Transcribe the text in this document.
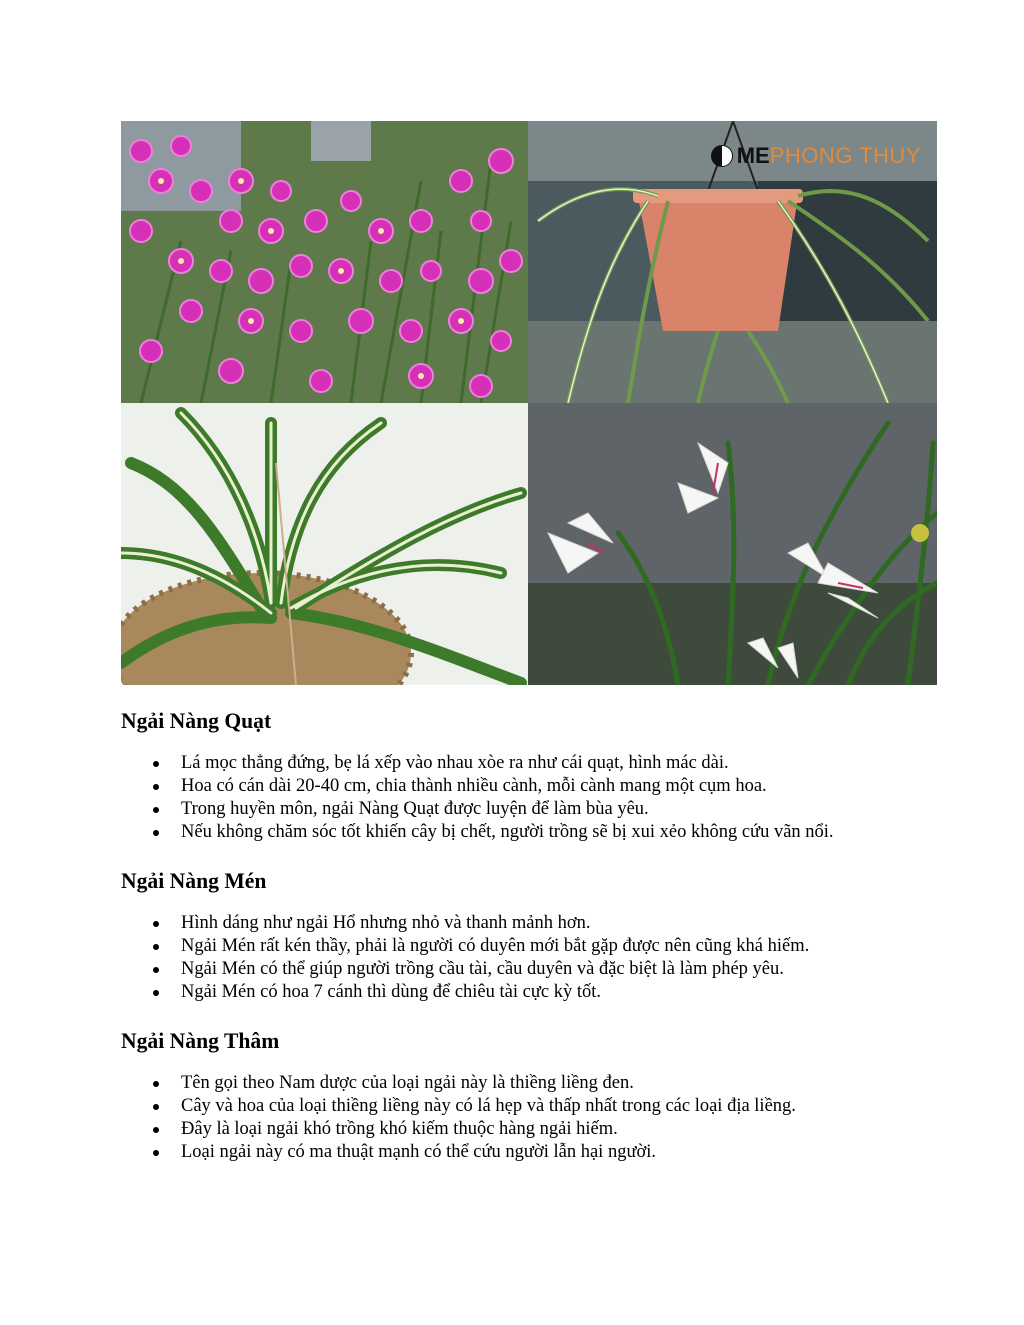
ME PHONG THUY
Ngải Nàng Quạt
Lá mọc thẳng đứng, bẹ lá xếp vào nhau xòe ra như cái quạt, hình mác dài.
Hoa có cán dài 20-40 cm, chia thành nhiều cành, mỗi cành mang một cụm hoa.
Trong huyền môn, ngải Nàng Quạt được luyện để làm bùa yêu.
Nếu không chăm sóc tốt khiến cây bị chết, người trồng sẽ bị xui xẻo không cứu vãn nổi.
Ngải Nàng Mén
Hình dáng như ngải Hổ nhưng nhỏ và thanh mảnh hơn.
Ngải Mén rất kén thầy, phải là người có duyên mới bắt gặp được nên cũng khá hiếm.
Ngải Mén có thể giúp người trồng cầu tài, cầu duyên và đặc biệt là làm phép yêu.
Ngải Mén có hoa 7 cánh thì dùng để chiêu tài cực kỳ tốt.
Ngải Nàng Thâm
Tên gọi theo Nam dược của loại ngải này là thiềng liềng đen.
Cây và hoa của loại thiềng liềng này có lá hẹp và thấp nhất trong các loại địa liềng.
Đây là loại ngải khó trồng khó kiếm thuộc hàng ngải hiếm.
Loại ngải này có ma thuật mạnh có thể cứu người lẫn hại người.
